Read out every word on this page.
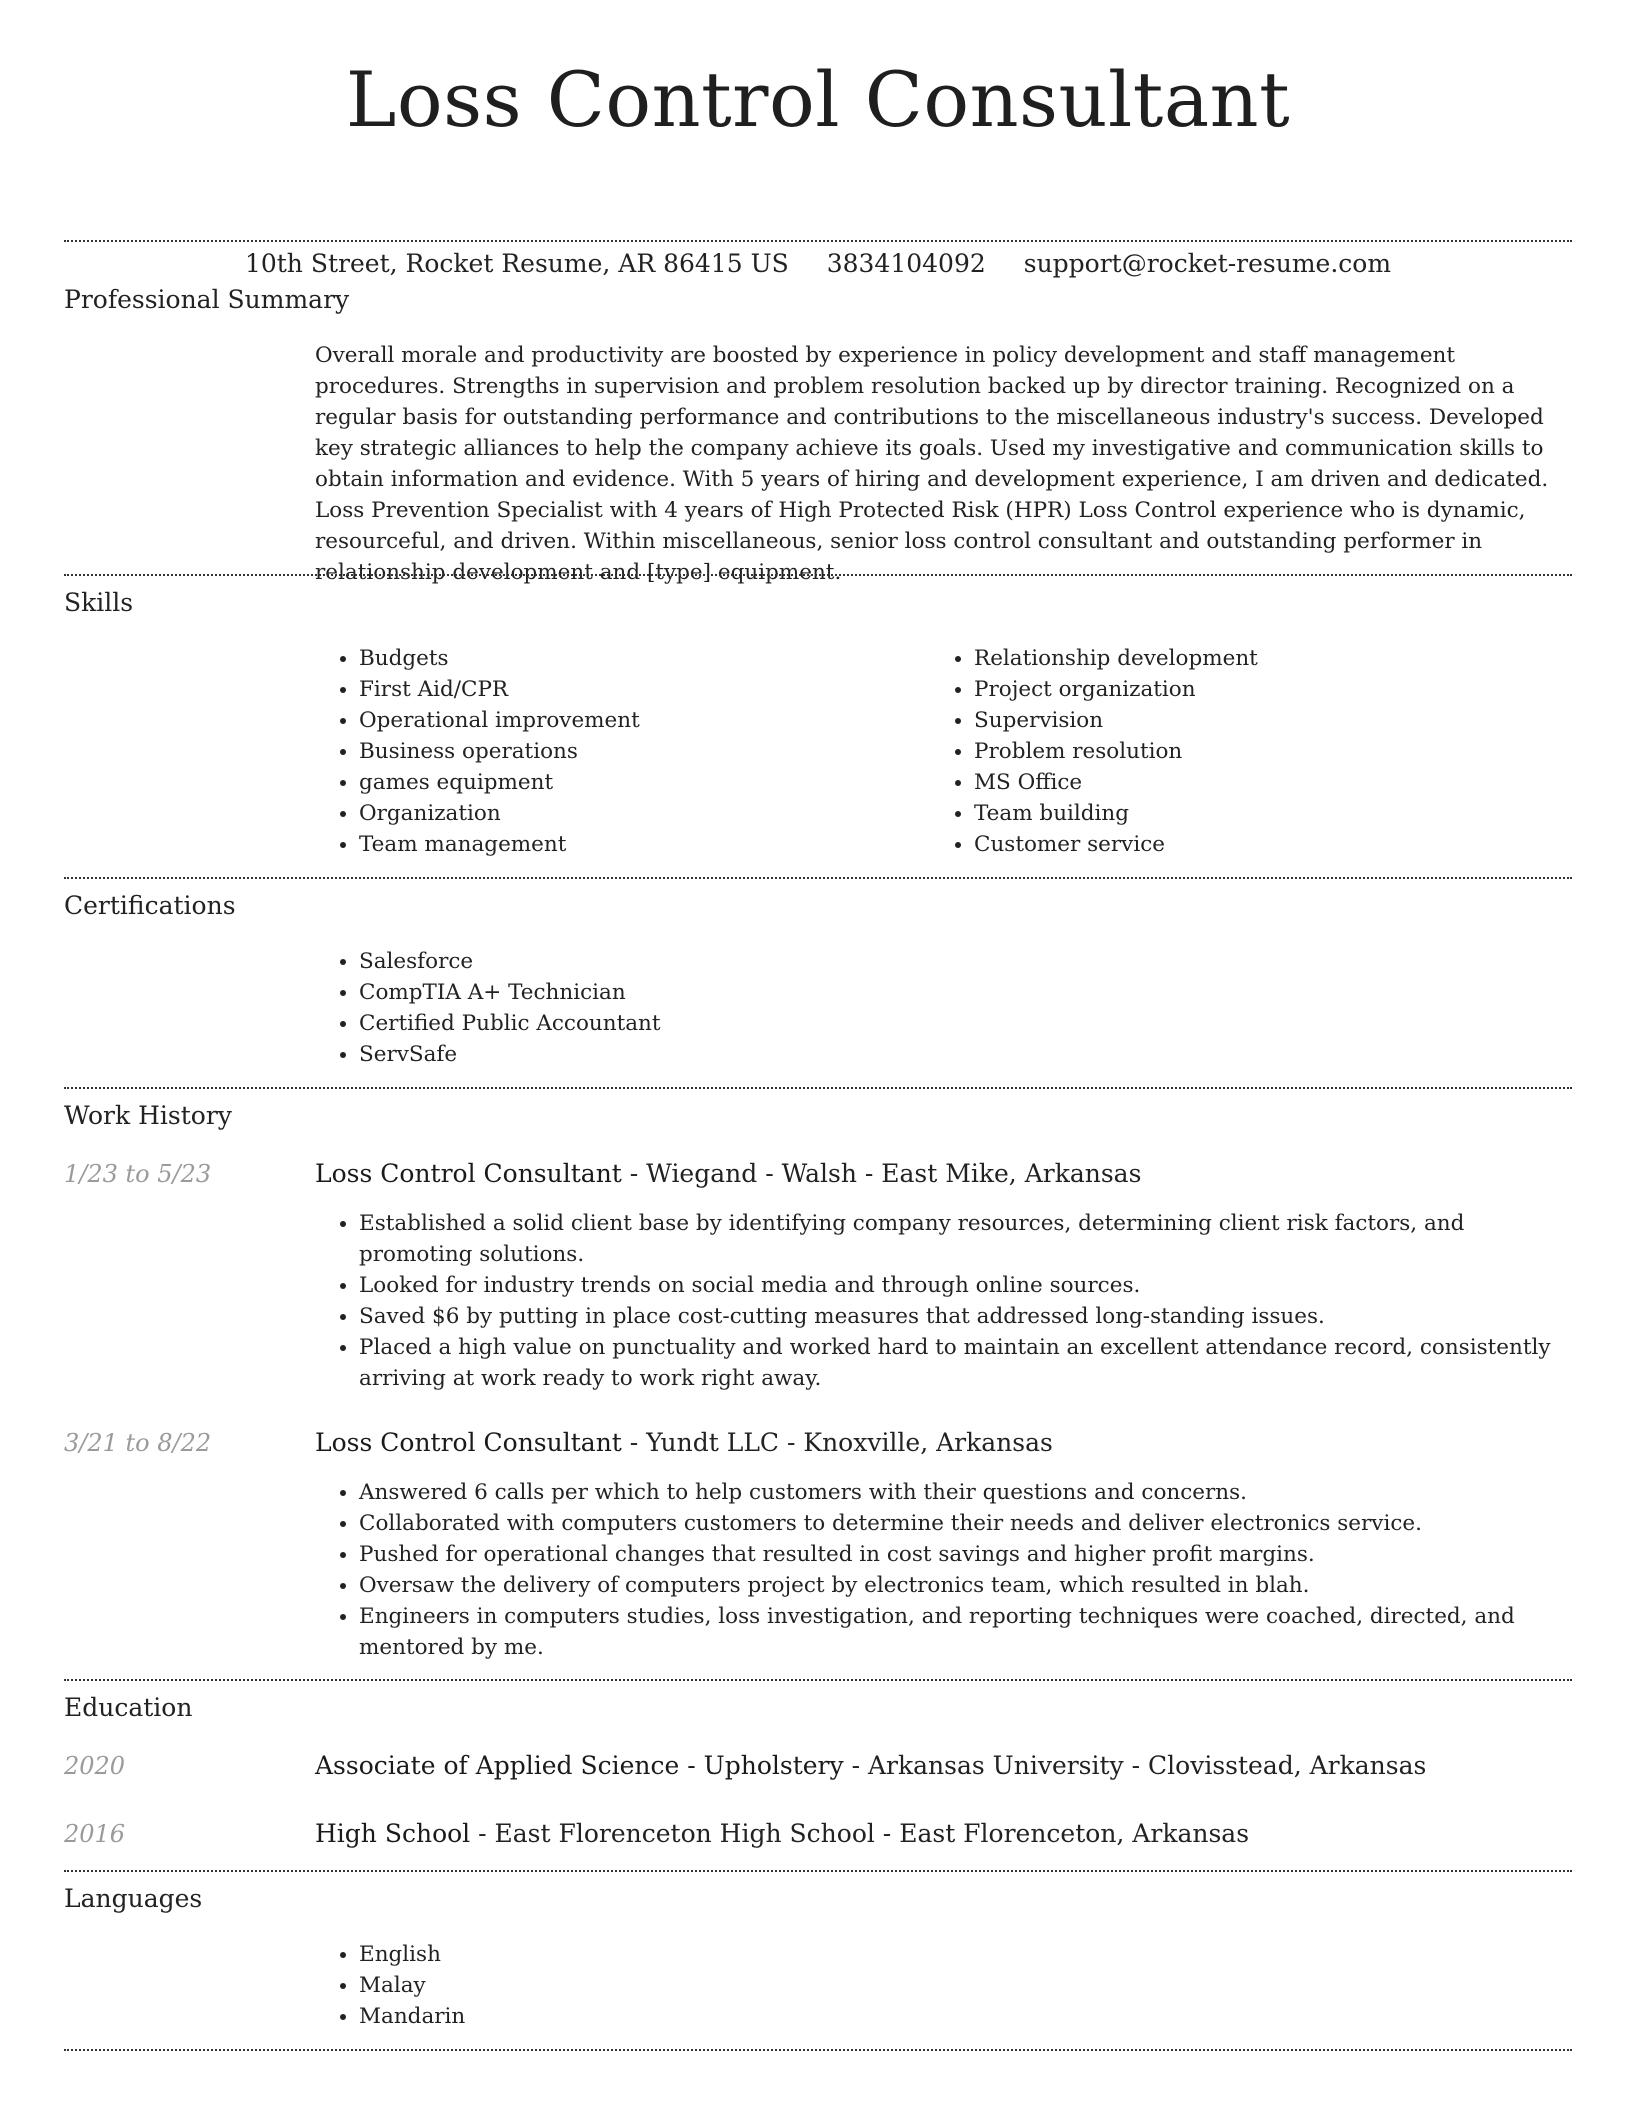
Loss Control Consultant
10th Street, Rocket Resume, AR 86415 US 3834104092 support@rocket-resume.com
Professional Summary

Overall morale and productivity are boosted by experience in policy development and staff management procedures. Strengths in supervision and problem resolution backed up by director training. Recognized on a regular basis for outstanding performance and contributions to the miscellaneous industry's success. Developed key strategic alliances to help the company achieve its goals. Used my investigative and communication skills to obtain information and evidence. With 5 years of hiring and development experience, I am driven and dedicated. Loss Prevention Specialist with 4 years of High Protected Risk (HPR) Loss Control experience who is dynamic, resourceful, and driven. Within miscellaneous, senior loss control consultant and outstanding performer in relationship development and [type] equipment.

Skills
• Budgets
• First Aid/CPR
• Operational improvement
• Business operations
• games equipment
• Organization
• Team management
• Relationship development
• Project organization
• Supervision
• Problem resolution
• MS Office
• Team building
• Customer service
Certifications
• Salesforce
• CompTIA A+ Technician
• Certified Public Accountant
• ServSafe
Work History
1/23 to 5/23	Loss Control Consultant - Wiegand - Walsh - East Mike, Arkansas
• Established a solid client base by identifying company resources, determining client risk factors, and promoting solutions.
• Looked for industry trends on social media and through online sources.
• Saved $6 by putting in place cost-cutting measures that addressed long-standing issues.
• Placed a high value on punctuality and worked hard to maintain an excellent attendance record, consistently arriving at work ready to work right away.
3/21 to 8/22	Loss Control Consultant - Yundt LLC - Knoxville, Arkansas
• Answered 6 calls per which to help customers with their questions and concerns.
• Collaborated with computers customers to determine their needs and deliver electronics service.
• Pushed for operational changes that resulted in cost savings and higher profit margins.
• Oversaw the delivery of computers project by electronics team, which resulted in blah.
• Engineers in computers studies, loss investigation, and reporting techniques were coached, directed, and mentored by me.
Education
2020	Associate of Applied Science - Upholstery - Arkansas University - Clovisstead, Arkansas
2016	High School - East Florenceton High School - East Florenceton, Arkansas
Languages
• English
• Malay
• Mandarin
